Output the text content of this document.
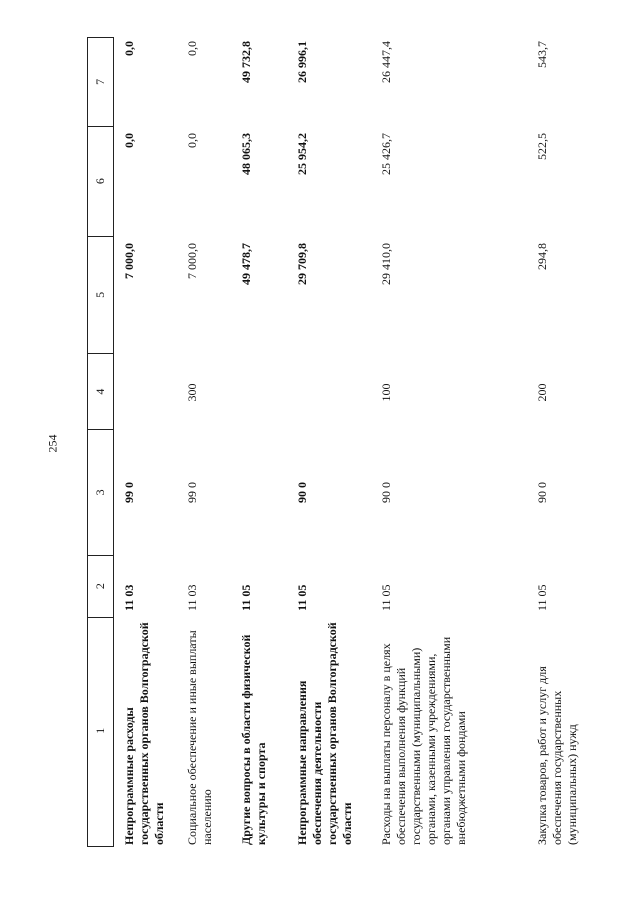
254
1
2
3
4
5
6
7
Непрограммные расходы государственных органов Волгоградской области
11 03
99 0
7 000,0
0,0
0,0
Социальное обеспечение и иные выплаты населению
11 03
99 0
300
7 000,0
0,0
0,0
Другие вопросы в области физической культуры и спорта
11 05
49 478,7
48 065,3
49 732,8
Непрограммные направления обеспечения деятельности государственных органов Волгоградской области
11 05
90 0
29 709,8
25 954,2
26 996,1
Расходы на выплаты персоналу в целях обеспечения выполнения функций государственными (муниципальными) органами, казенными учреждениями, органами управления государственными внебюджетными фондами
11 05
90 0
100
29 410,0
25 426,7
26 447,4
Закупка товаров, работ и услуг для обеспечения государственных (муниципальных) нужд
11 05
90 0
200
294,8
522,5
543,7
